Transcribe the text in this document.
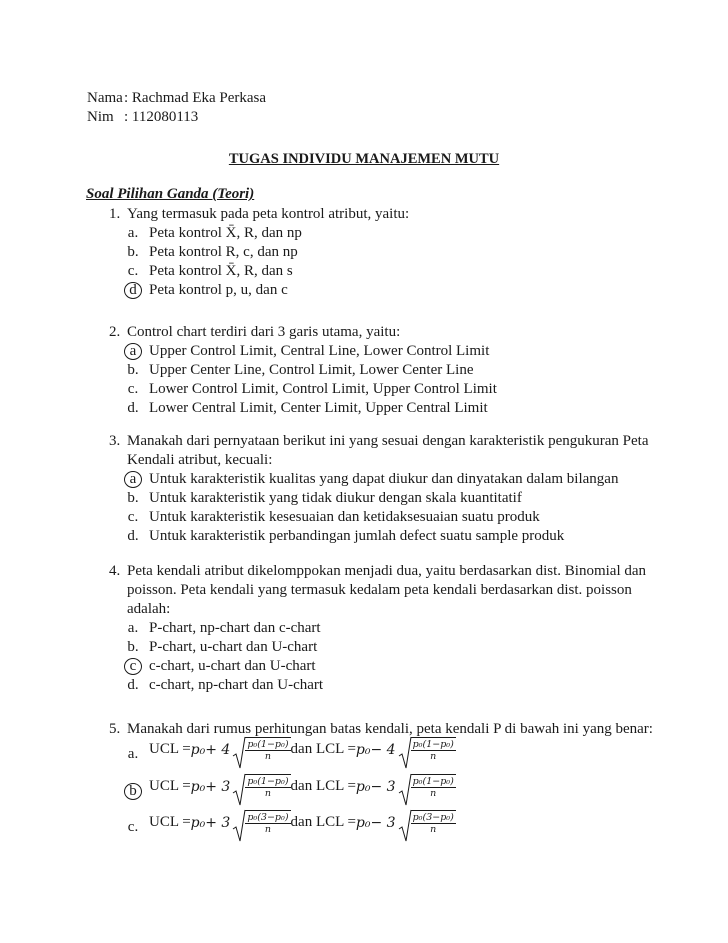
Nama : Rachmad Eka Perkasa
Nim : 112080113
TUGAS INDIVIDU MANAJEMEN MUTU
Soal Pilihan Ganda (Teori)
1. Yang termasuk pada peta kontrol atribut, yaitu:
a. Peta kontrol X̄, R, dan np
b. Peta kontrol R, c, dan np
c. Peta kontrol X̄, R, dan s
d Peta kontrol p, u, dan c
2. Control chart terdiri dari 3 garis utama, yaitu:
a Upper Control Limit, Central Line, Lower Control Limit
b. Upper Center Line, Control Limit, Lower Center Line
c. Lower Control Limit, Control Limit, Upper Control Limit
d. Lower Central Limit, Center Limit, Upper Central Limit
3. Manakah dari pernyataan berikut ini yang sesuai dengan karakteristik pengukuran Peta
Kendali atribut, kecuali:
a Untuk karakteristik kualitas yang dapat diukur dan dinyatakan dalam bilangan
b. Untuk karakteristik yang tidak diukur dengan skala kuantitatif
c. Untuk karakteristik kesesuaian dan ketidaksesuaian suatu produk
d. Untuk karakteristik perbandingan jumlah defect suatu sample produk
4. Peta kendali atribut dikelomppokan menjadi dua, yaitu berdasarkan dist. Binomial dan
poisson. Peta kendali yang termasuk kedalam peta kendali berdasarkan dist. poisson
adalah:
a. P-chart, np-chart dan c-chart
b. P-chart, u-chart dan U-chart
c c-chart, u-chart dan U-chart
d. c-chart, np-chart dan U-chart
5. Manakah dari rumus perhitungan batas kendali, peta kendali P di bawah ini yang benar:
a. UCL = $p_0 + 4 \frac{\text{p₀(1−p₀)}}{n}$ dan LCL = $p_0 - 4 \frac{\text{p₀(1−p₀)}}{n}$
b UCL = $p_0 + 3 \frac{\text{p₀(1−p₀)}}{n}$ dan LCL = $p_0 - 3 \frac{\text{p₀(1−p₀)}}{n}$
c. UCL = $p_0 + 3 \frac{\text{p₀(3−p₀)}}{n}$ dan LCL = $p_0 - 3 \frac{\text{p₀(3−p₀)}}{n}$
